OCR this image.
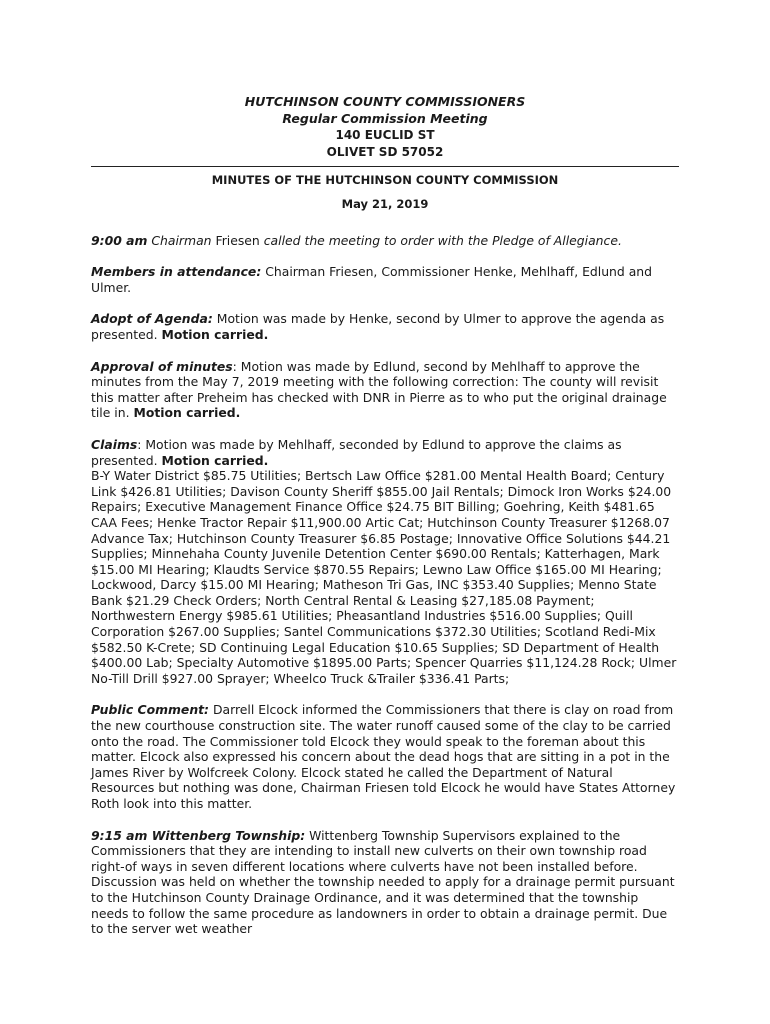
HUTCHINSON COUNTY COMMISSIONERS
Regular Commission Meeting
140 EUCLID ST
OLIVET SD 57052
MINUTES OF THE HUTCHINSON COUNTY COMMISSION
May 21, 2019

9:00 am Chairman Friesen called the meeting to order with the Pledge of Allegiance.

Members in attendance: Chairman Friesen, Commissioner Henke, Mehlhaff, Edlund and Ulmer.

Adopt of Agenda: Motion was made by Henke, second by Ulmer to approve the agenda as presented. Motion carried.

Approval of minutes: Motion was made by Edlund, second by Mehlhaff to approve the minutes from the May 7, 2019 meeting with the following correction: The county will revisit this matter after Preheim has checked with DNR in Pierre as to who put the original drainage tile in. Motion carried.

Claims: Motion was made by Mehlhaff, seconded by Edlund to approve the claims as presented. Motion carried.

B-Y Water District $85.75 Utilities; Bertsch Law Office $281.00 Mental Health Board; Century Link $426.81 Utilities; Davison County Sheriff $855.00 Jail Rentals; Dimock Iron Works $24.00 Repairs; Executive Management Finance Office $24.75 BIT Billing; Goehring, Keith $481.65 CAA Fees; Henke Tractor Repair $11,900.00 Artic Cat; Hutchinson County Treasurer $1268.07 Advance Tax; Hutchinson County Treasurer $6.85 Postage; Innovative Office Solutions $44.21 Supplies; Minnehaha County Juvenile Detention Center $690.00 Rentals; Katterhagen, Mark $15.00 MI Hearing; Klaudts Service $870.55 Repairs; Lewno Law Office $165.00 MI Hearing; Lockwood, Darcy $15.00 MI Hearing; Matheson Tri Gas, INC $353.40 Supplies; Menno State Bank $21.29 Check Orders; North Central Rental & Leasing $27,185.08 Payment; Northwestern Energy $985.61 Utilities; Pheasantland Industries $516.00 Supplies; Quill Corporation $267.00 Supplies; Santel Communications $372.30 Utilities; Scotland Redi-Mix $582.50 K-Crete; SD Continuing Legal Education $10.65 Supplies; SD Department of Health $400.00 Lab; Specialty Automotive $1895.00 Parts; Spencer Quarries $11,124.28 Rock; Ulmer No-Till Drill $927.00 Sprayer; Wheelco Truck &Trailer $336.41 Parts;

Public Comment: Darrell Elcock informed the Commissioners that there is clay on road from the new courthouse construction site. The water runoff caused some of the clay to be carried onto the road. The Commissioner told Elcock they would speak to the foreman about this matter. Elcock also expressed his concern about the dead hogs that are sitting in a pot in the James River by Wolfcreek Colony. Elcock stated he called the Department of Natural Resources but nothing was done, Chairman Friesen told Elcock he would have States Attorney Roth look into this matter.

9:15 am Wittenberg Township: Wittenberg Township Supervisors explained to the Commissioners that they are intending to install new culverts on their own township road right-of ways in seven different locations where culverts have not been installed before. Discussion was held on whether the township needed to apply for a drainage permit pursuant to the Hutchinson County Drainage Ordinance, and it was determined that the township needs to follow the same procedure as landowners in order to obtain a drainage permit. Due to the server wet weather
